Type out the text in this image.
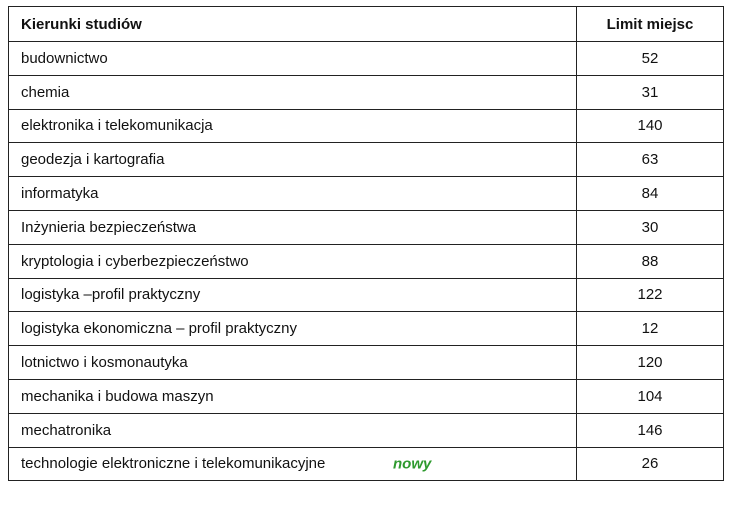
Kierunki studiów	Limit miejsc
budownictwo	52
chemia	31
elektronika i telekomunikacja	140
geodezja i kartografia	63
informatyka	84
Inżynieria bezpieczeństwa	30
kryptologia i cyberbezpieczeństwo	88
logistyka –profil praktyczny	122
logistyka ekonomiczna – profil praktyczny	12
lotnictwo i kosmonautyka	120
mechanika i budowa maszyn	104
mechatronika	146
technologie elektroniczne i telekomunikacyjne nowy	26
